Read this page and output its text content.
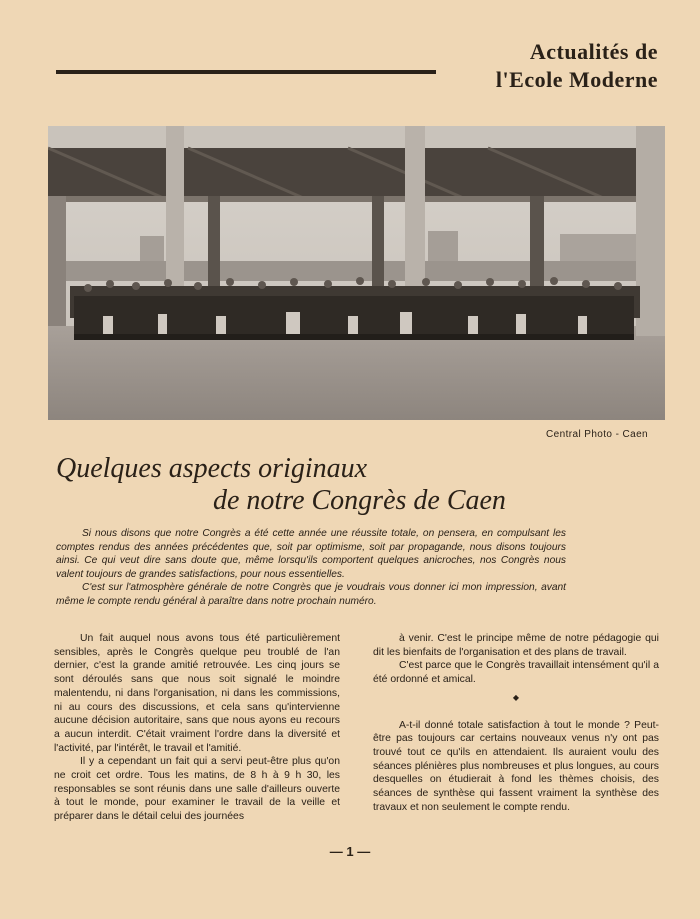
Actualités de
l'Ecole Moderne
Central Photo - Caen
Quelques aspects originaux
de notre Congrès de Caen

Si nous disons que notre Congrès a été cette année une réussite totale, on pensera, en compulsant les comptes rendus des années précédentes que, soit par optimisme, soit par propagande, nous disons toujours ainsi. Ce qui veut dire sans doute que, même lorsqu'ils comportent quelques anicroches, nos Congrès nous valent toujours de grandes satisfactions, pour nous essentielles.

C'est sur l'atmosphère générale de notre Congrès que je voudrais vous donner ici mon impression, avant même le compte rendu général à paraître dans notre prochain numéro.

Un fait auquel nous avons tous été particulièrement sensibles, après le Congrès quelque peu troublé de l'an dernier, c'est la grande amitié retrouvée. Les cinq jours se sont déroulés sans que nous soit signalé le moindre malentendu, ni dans l'organisation, ni dans les commissions, ni au cours des discussions, et cela sans qu'intervienne aucune décision autoritaire, sans que nous ayons eu recours a aucun interdit. C'était vraiment l'ordre dans la diversité et l'activité, par l'intérêt, le travail et l'amitié.

Il y a cependant un fait qui a servi peut-être plus qu'on ne croit cet ordre. Tous les matins, de 8 h à 9 h 30, les responsables se sont réunis dans une salle d'ailleurs ouverte à tout le monde, pour examiner le travail de la veille et préparer dans le détail celui des journées

à venir. C'est le principe même de notre pédagogie qui dit les bienfaits de l'organisation et des plans de travail.

C'est parce que le Congrès travaillait intensément qu'il a été ordonné et amical.

◆

A-t-il donné totale satisfaction à tout le monde ? Peut-être pas toujours car certains nouveaux venus n'y ont pas trouvé tout ce qu'ils en attendaient. Ils auraient voulu des séances plénières plus nombreuses et plus longues, au cours desquelles on étudierait à fond les thèmes choisis, des séances de synthèse qui fassent vraiment la synthèse des travaux et non seulement le compte rendu.

— 1 —
